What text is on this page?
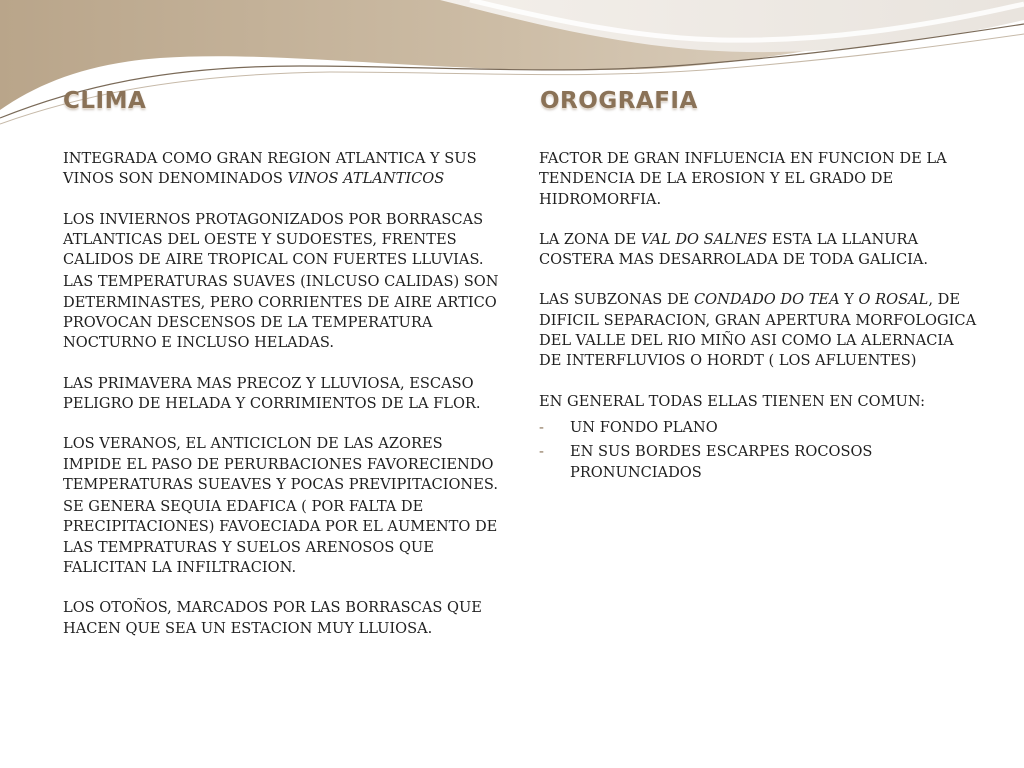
CLIMA	OROGRAFIA

INTEGRADA COMO GRAN REGION ATLANTICA Y SUS VINOS SON DENOMINADOS VINOS ATLANTICOS

LOS INVIERNOS PROTAGONIZADOS POR BORRASCAS ATLANTICAS DEL OESTE Y SUDOESTES, FRENTES CALIDOS DE AIRE TROPICAL CON FUERTES LLUVIAS.

LAS TEMPERATURAS SUAVES (INLCUSO CALIDAS) SON DETERMINASTES, PERO CORRIENTES DE AIRE ARTICO PROVOCAN DESCENSOS DE LA TEMPERATURA NOCTURNO E INCLUSO HELADAS.

LAS PRIMAVERA MAS PRECOZ Y LLUVIOSA, ESCASO PELIGRO DE HELADA Y CORRIMIENTOS DE LA FLOR.

LOS VERANOS, EL ANTICICLON DE LAS AZORES IMPIDE EL PASO DE PERURBACIONES FAVORECIENDO TEMPERATURAS SUEAVES Y POCAS PREVIPITACIONES.

SE GENERA SEQUIA EDAFICA ( POR FALTA DE PRECIPITACIONES) FAVOECIADA POR EL AUMENTO DE LAS TEMPRATURAS Y SUELOS ARENOSOS QUE FALICITAN LA INFILTRACION.

LOS OTOÑOS, MARCADOS POR LAS BORRASCAS QUE HACEN QUE SEA UN ESTACION MUY LLUIOSA.

FACTOR DE GRAN INFLUENCIA EN FUNCION DE LA TENDENCIA DE LA EROSION Y EL GRADO DE HIDROMORFIA.

LA ZONA DE VAL DO SALNES ESTA LA LLANURA COSTERA MAS DESARROLADA DE TODA GALICIA.

LAS SUBZONAS DE CONDADO DO TEA Y O ROSAL, DE DIFICIL SEPARACION, GRAN APERTURA MORFOLOGICA DEL VALLE DEL RIO MIÑO ASI COMO LA ALERNACIA DE INTERFLUVIOS O HORDT ( LOS AFLUENTES)

EN GENERAL TODAS ELLAS TIENEN EN COMUN:

- UN FONDO PLANO
- EN SUS BORDES ESCARPES ROCOSOS PRONUNCIADOS
